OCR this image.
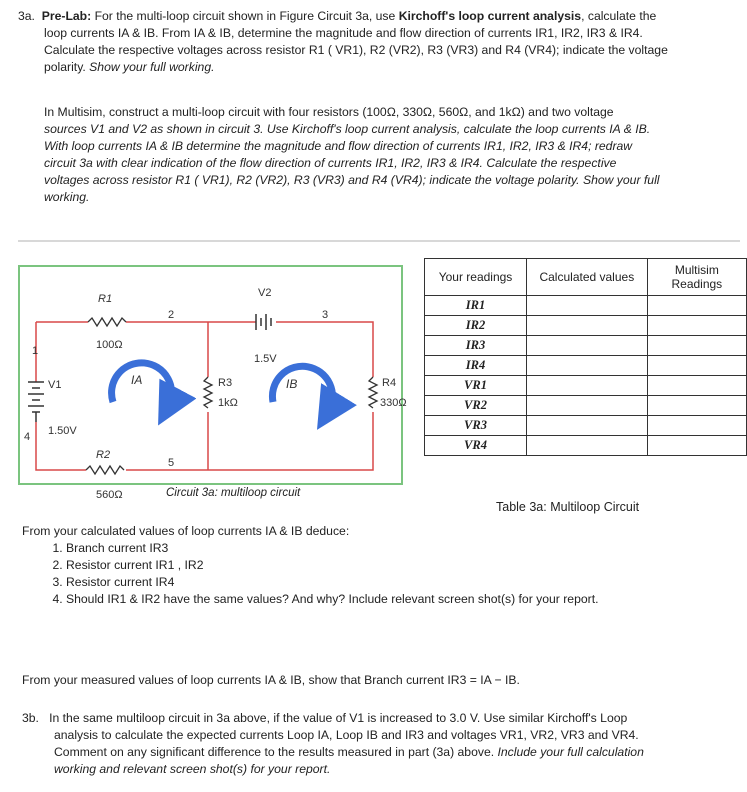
3a. Pre-Lab: For the multi-loop circuit shown in Figure Circuit 3a, use Kirchoff's loop current analysis, calculate the
loop currents IA & IB. From IA & IB, determine the magnitude and flow direction of currents IR1, IR2, IR3 & IR4.
Calculate the respective voltages across resistor R1 ( VR1), R2 (VR2), R3 (VR3) and R4 (VR4); indicate the voltage
polarity. Show your full working.
In Multisim, construct a multi-loop circuit with four resistors (100Ω, 330Ω, 560Ω, and 1kΩ) and two voltage
sources V1 and V2 as shown in circuit 3. Use Kirchoff's loop current analysis, calculate the loop currents IA & IB.
With loop currents IA & IB determine the magnitude and flow direction of currents IR1, IR2, IR3 & IR4; redraw
circuit 3a with clear indication of the flow direction of currents IR1, IR2, IR3 & IR4. Calculate the respective
voltages across resistor R1 ( VR1), R2 (VR2), R3 (VR3) and R4 (VR4); indicate the voltage polarity. Show your full
working.
R1
100Ω
R2
560Ω
R3
1kΩ
R4
330Ω
V1
1.50V
V2
1.5V
1
2	3
4
5
IA	IB
Circuit 3a: multiloop circuit
Your readings	Calculated values	Multisim Readings
IR1		
IR2		
IR3		
IR4		
VR1		
VR2		
VR3		
VR4		
Table 3a: Multiloop Circuit
From your calculated values of loop currents IA & IB deduce:
1. Branch current IR3
2. Resistor current IR1 , IR2
3. Resistor current IR4
4. Should IR1 & IR2 have the same values? And why? Include relevant screen shot(s) for your report.
From your measured values of loop currents IA & IB, show that Branch current IR3 = IA − IB.
3b. In the same multiloop circuit in 3a above, if the value of V1 is increased to 3.0 V. Use similar Kirchoff's Loop
analysis to calculate the expected currents Loop IA, Loop IB and IR3 and voltages VR1, VR2, VR3 and VR4.
Comment on any significant difference to the results measured in part (3a) above. Include your full calculation
working and relevant screen shot(s) for your report.
